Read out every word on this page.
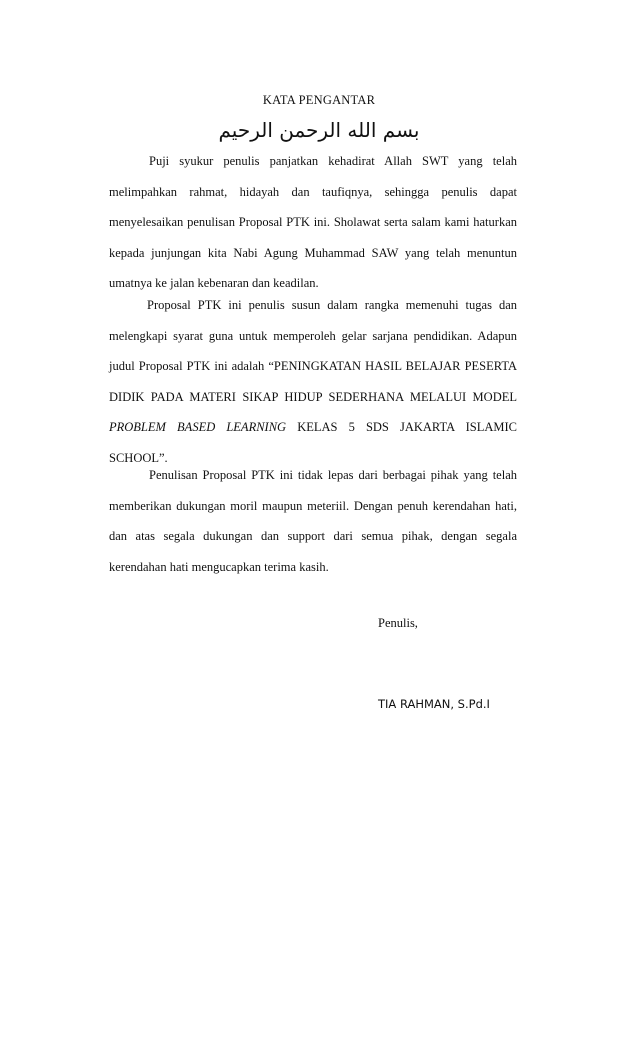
KATA PENGANTAR
بسم الله الرحمن الرحيم

Puji syukur penulis panjatkan kehadirat Allah SWT yang telah melimpahkan rahmat, hidayah dan taufiqnya, sehingga penulis dapat menyelesaikan penulisan Proposal PTK ini. Sholawat serta salam kami haturkan kepada junjungan kita Nabi Agung Muhammad SAW yang telah menuntun umatnya ke jalan kebenaran dan keadilan.

Proposal PTK ini penulis susun dalam rangka memenuhi tugas dan melengkapi syarat guna untuk memperoleh gelar sarjana pendidikan. Adapun judul Proposal PTK ini adalah “PENINGKATAN HASIL BELAJAR PESERTA DIDIK PADA MATERI SIKAP HIDUP SEDERHANA MELALUI MODEL PROBLEM BASED LEARNING KELAS 5 SDS JAKARTA ISLAMIC SCHOOL”.

Penulisan Proposal PTK ini tidak lepas dari berbagai pihak yang telah memberikan dukungan moril maupun meteriil. Dengan penuh kerendahan hati, dan atas segala dukungan dan support dari semua pihak, dengan segala kerendahan hati mengucapkan terima kasih.

Penulis,
TIA RAHMAN, S.Pd.I
